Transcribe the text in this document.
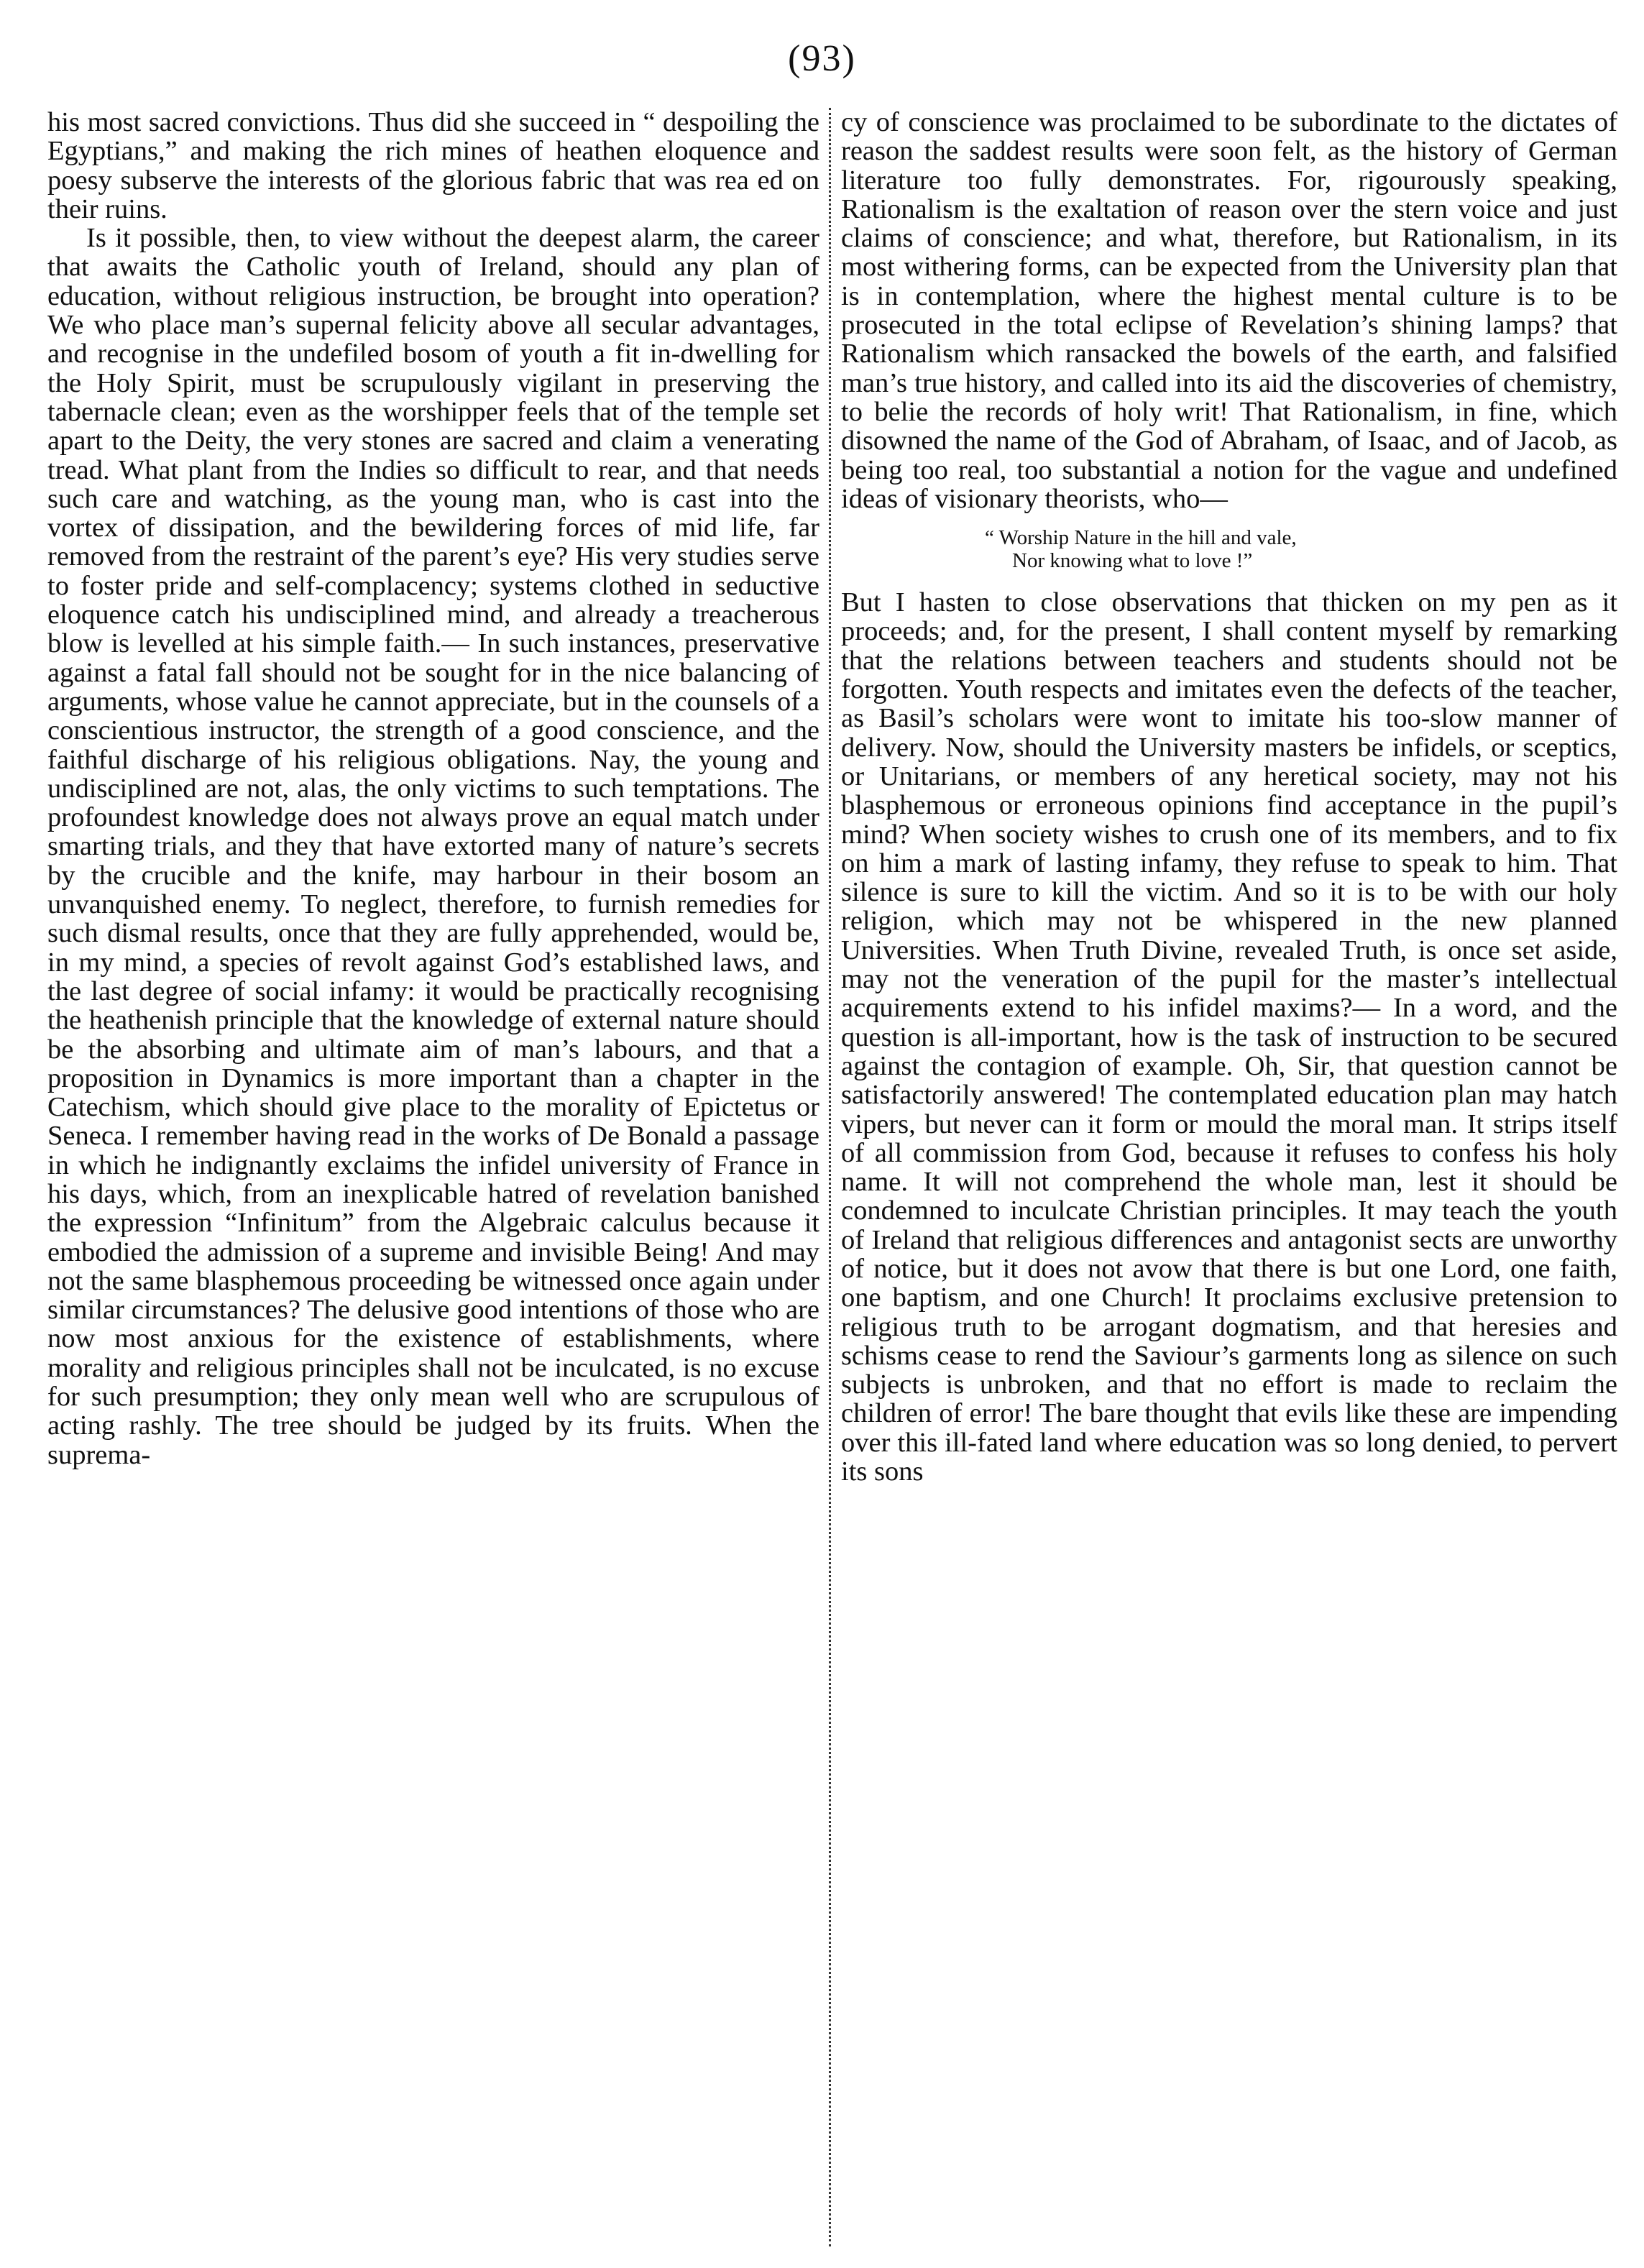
(93)

his most sacred convictions. Thus did she succeed in “ despoiling the Egyptians,” and making the rich mines of heathen eloquence and poesy subserve the interests of the glorious fabric that was rea ed on their ruins.

Is it possible, then, to view without the deepest alarm, the career that awaits the Catholic youth of Ireland, should any plan of education, without religious instruction, be brought into operation? We who place man’s supernal felicity above all secular advantages, and recognise in the undefiled bosom of youth a fit in-dwelling for the Holy Spirit, must be scrupulously vigilant in preserving the tabernacle clean; even as the worshipper feels that of the temple set apart to the Deity, the very stones are sacred and claim a venerating tread. What plant from the Indies so difficult to rear, and that needs such care and watching, as the young man, who is cast into the vortex of dissipation, and the bewildering forces of mid life, far removed from the restraint of the parent’s eye? His very studies serve to foster pride and self-complacency; systems clothed in seductive eloquence catch his undisciplined mind, and already a treacherous blow is levelled at his simple faith.— In such instances, preservative against a fatal fall should not be sought for in the nice balancing of arguments, whose value he cannot appreciate, but in the counsels of a conscientious instructor, the strength of a good conscience, and the faithful discharge of his religious obligations. Nay, the young and undisciplined are not, alas, the only victims to such temptations. The profoundest knowledge does not always prove an equal match under smarting trials, and they that have extorted many of nature’s secrets by the crucible and the knife, may harbour in their bosom an unvanquished enemy. To neglect, therefore, to furnish remedies for such dismal results, once that they are fully apprehended, would be, in my mind, a species of revolt against God’s established laws, and the last degree of social infamy: it would be practically recognising the heathenish principle that the knowledge of external nature should be the absorbing and ultimate aim of man’s labours, and that a proposition in Dynamics is more important than a chapter in the Catechism, which should give place to the morality of Epictetus or Seneca. I remember having read in the works of De Bonald a passage in which he indignantly exclaims the infidel university of France in his days, which, from an inexplicable hatred of revelation banished the expression “Infinitum” from the Algebraic calculus because it embodied the admission of a supreme and invisible Being! And may not the same blasphemous proceeding be witnessed once again under similar circumstances? The delusive good intentions of those who are now most anxious for the existence of establishments, where morality and religious principles shall not be inculcated, is no excuse for such presumption; they only mean well who are scrupulous of acting rashly. The tree should be judged by its fruits. When the suprema-

cy of conscience was proclaimed to be subordinate to the dictates of reason the saddest results were soon felt, as the history of German literature too fully demonstrates. For, rigourously speaking, Rationalism is the exaltation of reason over the stern voice and just claims of conscience; and what, therefore, but Rationalism, in its most withering forms, can be expected from the University plan that is in contemplation, where the highest mental culture is to be prosecuted in the total eclipse of Revelation’s shining lamps? that Rationalism which ransacked the bowels of the earth, and falsified man’s true history, and called into its aid the discoveries of chemistry, to belie the records of holy writ! That Rationalism, in fine, which disowned the name of the God of Abraham, of Isaac, and of Jacob, as being too real, too substantial a notion for the vague and undefined ideas of visionary theorists, who—

“ Worship Nature in the hill and vale,
Nor knowing what to love !”

But I hasten to close observations that thicken on my pen as it proceeds; and, for the present, I shall content myself by remarking that the relations between teachers and students should not be forgotten. Youth respects and imitates even the defects of the teacher, as Basil’s scholars were wont to imitate his too-slow manner of delivery. Now, should the University masters be infidels, or sceptics, or Unitarians, or members of any heretical society, may not his blasphemous or erroneous opinions find acceptance in the pupil’s mind? When society wishes to crush one of its members, and to fix on him a mark of lasting infamy, they refuse to speak to him. That silence is sure to kill the victim. And so it is to be with our holy religion, which may not be whispered in the new planned Universities. When Truth Divine, revealed Truth, is once set aside, may not the veneration of the pupil for the master’s intellectual acquirements extend to his infidel maxims?— In a word, and the question is all-important, how is the task of instruction to be secured against the contagion of example. Oh, Sir, that question cannot be satisfactorily answered! The contemplated education plan may hatch vipers, but never can it form or mould the moral man. It strips itself of all commission from God, because it refuses to confess his holy name. It will not comprehend the whole man, lest it should be condemned to inculcate Christian principles. It may teach the youth of Ireland that religious differences and antagonist sects are unworthy of notice, but it does not avow that there is but one Lord, one faith, one baptism, and one Church! It proclaims exclusive pretension to religious truth to be arrogant dogmatism, and that heresies and schisms cease to rend the Saviour’s garments long as silence on such subjects is unbroken, and that no effort is made to reclaim the children of error! The bare thought that evils like these are impending over this ill-fated land where education was so long denied, to pervert its sons
